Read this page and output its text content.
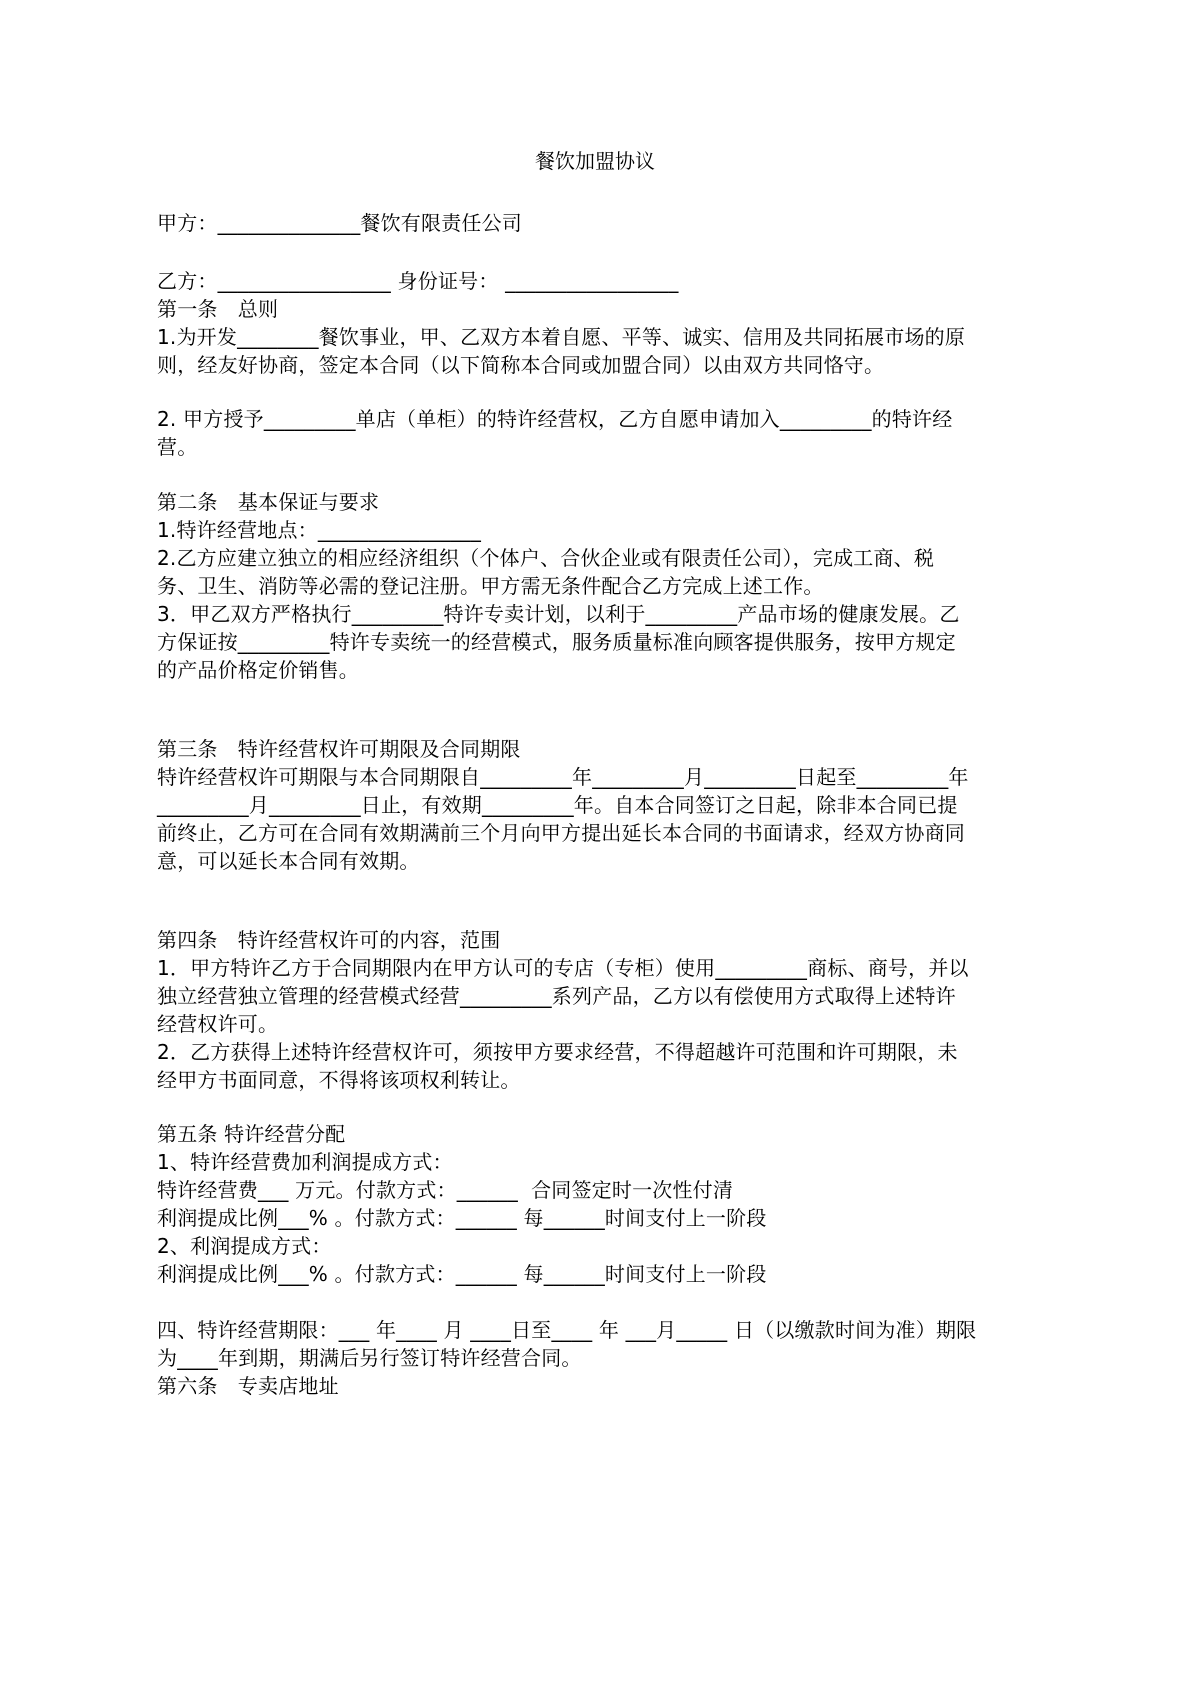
餐饮加盟协议
甲方：______________餐饮有限责任公司
乙方：_________________ 身份证号： _________________
第一条　总则
1.为开发________餐饮事业，甲、乙双方本着自愿、平等、诚实、信用及共同拓展市场的原
则，经友好协商，签定本合同（以下简称本合同或加盟合同）以由双方共同恪守。
2. 甲方授予_________单店（单柜）的特许经营权，乙方自愿申请加入_________的特许经
营。
第二条　基本保证与要求
1.特许经营地点：________________
2.乙方应建立独立的相应经济组织（个体户、合伙企业或有限责任公司），完成工商、税
务、卫生、消防等必需的登记注册。甲方需无条件配合乙方完成上述工作。
3．甲乙双方严格执行_________特许专卖计划，以利于_________产品市场的健康发展。乙
方保证按_________特许专卖统一的经营模式，服务质量标准向顾客提供服务，按甲方规定
的产品价格定价销售。
第三条　特许经营权许可期限及合同期限
特许经营权许可期限与本合同期限自_________年_________月_________日起至_________年
_________月_________日止，有效期_________年。自本合同签订之日起，除非本合同已提
前终止，乙方可在合同有效期满前三个月向甲方提出延长本合同的书面请求，经双方协商同
意，可以延长本合同有效期。
第四条　特许经营权许可的内容，范围
1．甲方特许乙方于合同期限内在甲方认可的专店（专柜）使用_________商标、商号，并以
独立经营独立管理的经营模式经营_________系列产品，乙方以有偿使用方式取得上述特许
经营权许可。
2．乙方获得上述特许经营权许可，须按甲方要求经营，不得超越许可范围和许可期限，未
经甲方书面同意，不得将该项权利转让。
第五条 特许经营分配
1、特许经营费加利润提成方式：
特许经营费___ 万元。付款方式：______  合同签定时一次性付清
利润提成比例___% 。付款方式：______ 每______时间支付上一阶段
2、利润提成方式：
利润提成比例___% 。付款方式：______ 每______时间支付上一阶段
四、特许经营期限：___ 年____ 月 ____日至____ 年 ___月_____ 日（以缴款时间为准）期限
为____年到期，期满后另行签订特许经营合同。
第六条　专卖店地址
